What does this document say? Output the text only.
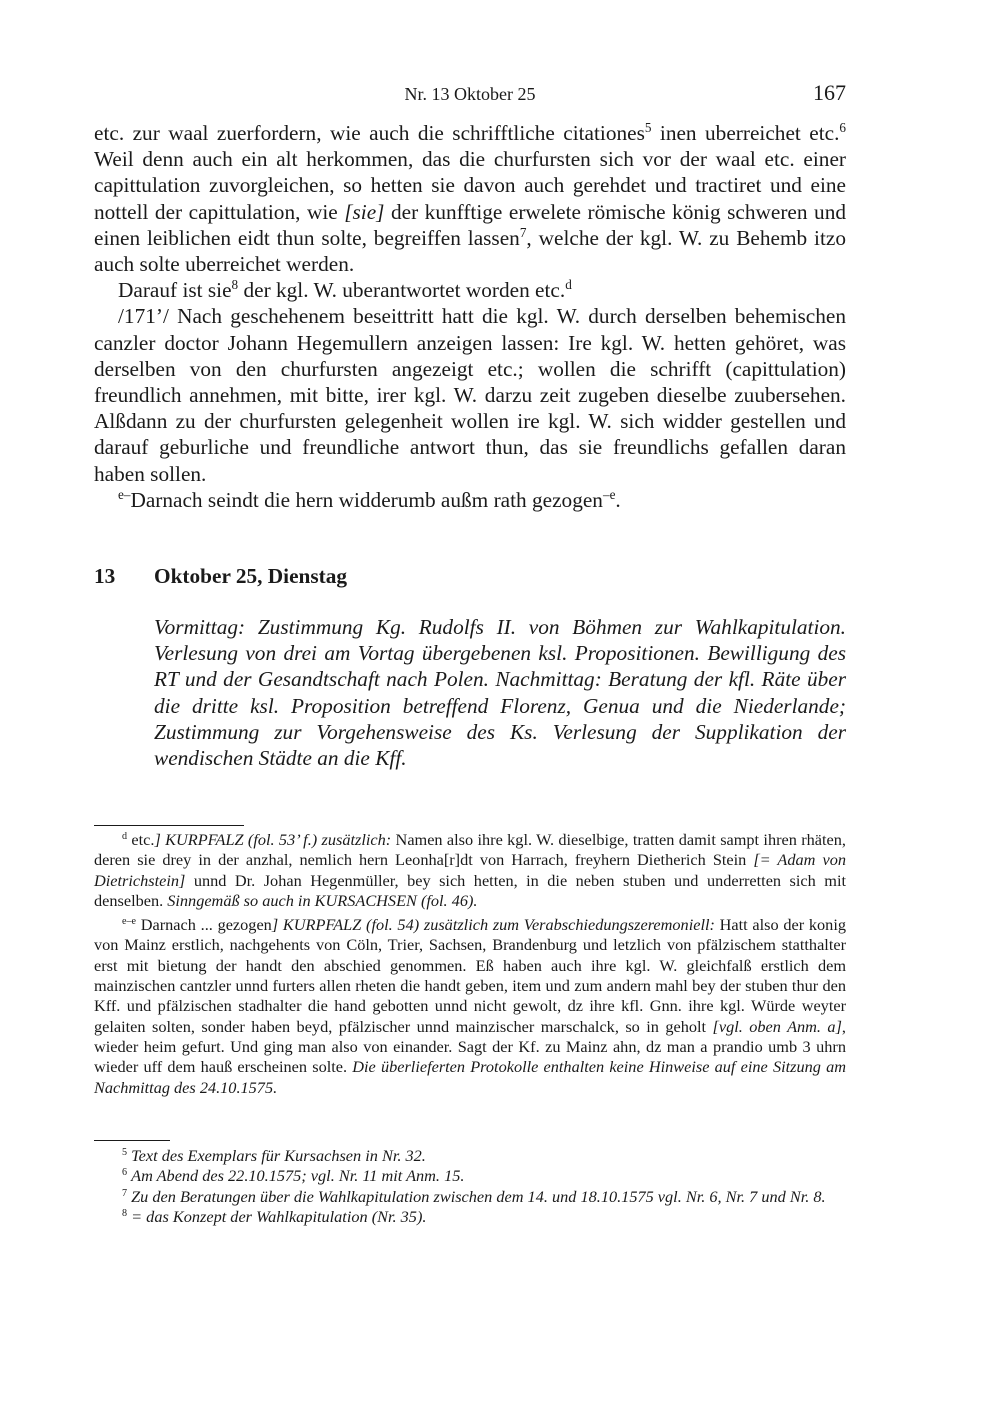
Nr. 13 Oktober 25	167

etc. zur waal zuerfordern, wie auch die schrifftliche citationes$^5$ inen uberreichet etc.$^6$ Weil denn auch ein alt herkommen, das die churfursten sich vor der waal etc. einer capittulation zuvorgleichen, so hetten sie davon auch gerehdet und tractiret und eine nottell der capittulation, wie [sie] der kunfftige erwelete römische könig schweren und einen leiblichen eidt thun solte, begreiffen lassen$^7$, welche der kgl. W. zu Behemb itzo auch solte uberreichet werden.

Darauf ist sie$^8$ der kgl. W. uberantwortet worden etc.$^d$

/171’/ Nach geschehenem beseittritt hatt die kgl. W. durch derselben behemischen canzler doctor Johann Hegemullern anzeigen lassen: Ire kgl. W. hetten gehöret, was derselben von den churfursten angezeigt etc.; wollen die schrifft (capittulation) freundlich annehmen, mit bitte, irer kgl. W. darzu zeit zugeben dieselbe zuubersehen. Alßdann zu der churfursten gelegenheit wollen ire kgl. W. sich widder gestellen und darauf geburliche und freundliche antwort thun, das sie freundlichs gefallen daran haben sollen.

$^{e-}$Darnach seindt die hern widderumb außm rath gezogen$^{-e}$.

13 Oktober 25, Dienstag
Vormittag: Zustimmung Kg. Rudolfs II. von Böhmen zur Wahlkapitulation. Verlesung von drei am Vortag übergebenen ksl. Propositionen. Bewilligung des RT und der Gesandtschaft nach Polen. Nachmittag: Beratung der kfl. Räte über die dritte ksl. Proposition betreffend Florenz, Genua und die Niederlande; Zustimmung zur Vorgehensweise des Ks. Verlesung der Supplikation der wendischen Städte an die Kff.

$^d$ etc.] KURPFALZ (fol. 53’ f.) zusätzlich: Namen also ihre kgl. W. dieselbige, tratten damit sampt ihren rhäten, deren sie drey in der anzhal, nemlich hern Leonha[r]dt von Harrach, freyhern Dietherich Stein [= Adam von Dietrichstein] unnd Dr. Johan Hegenmüller, bey sich hetten, in die neben stuben und underretten sich mit denselben. Sinngemäß so auch in KURSACHSEN (fol. 46).

$^{e-e}$ Darnach ... gezogen] KURPFALZ (fol. 54) zusätzlich zum Verabschiedungszeremoniell: Hatt also der konig von Mainz erstlich, nachgehents von Cöln, Trier, Sachsen, Brandenburg und letzlich von pfälzischem statthalter erst mit bietung der handt den abschied genommen. Eß haben auch ihre kgl. W. gleichfalß erstlich dem mainzischen cantzler unnd furters allen rheten die handt geben, item und zum andern mahl bey der stuben thur den Kff. und pfälzischen stadhalter die hand gebotten unnd nicht gewolt, dz ihre kfl. Gnn. ihre kgl. Würde weyter gelaiten solten, sonder haben beyd, pfälzischer unnd mainzischer marschalck, so in geholt [vgl. oben Anm. a], wieder heim gefurt. Und ging man also von einander. Sagt der Kf. zu Mainz ahn, dz man a prandio umb 3 uhrn wieder uff dem hauß erscheinen solte. Die überlieferten Protokolle enthalten keine Hinweise auf eine Sitzung am Nachmittag des 24.10.1575.

$^5$ Text des Exemplars für Kursachsen in Nr. 32.

$^6$ Am Abend des 22.10.1575; vgl. Nr. 11 mit Anm. 15.

$^7$ Zu den Beratungen über die Wahlkapitulation zwischen dem 14. und 18.10.1575 vgl. Nr. 6, Nr. 7 und Nr. 8.

$^8$ = das Konzept der Wahlkapitulation (Nr. 35).
